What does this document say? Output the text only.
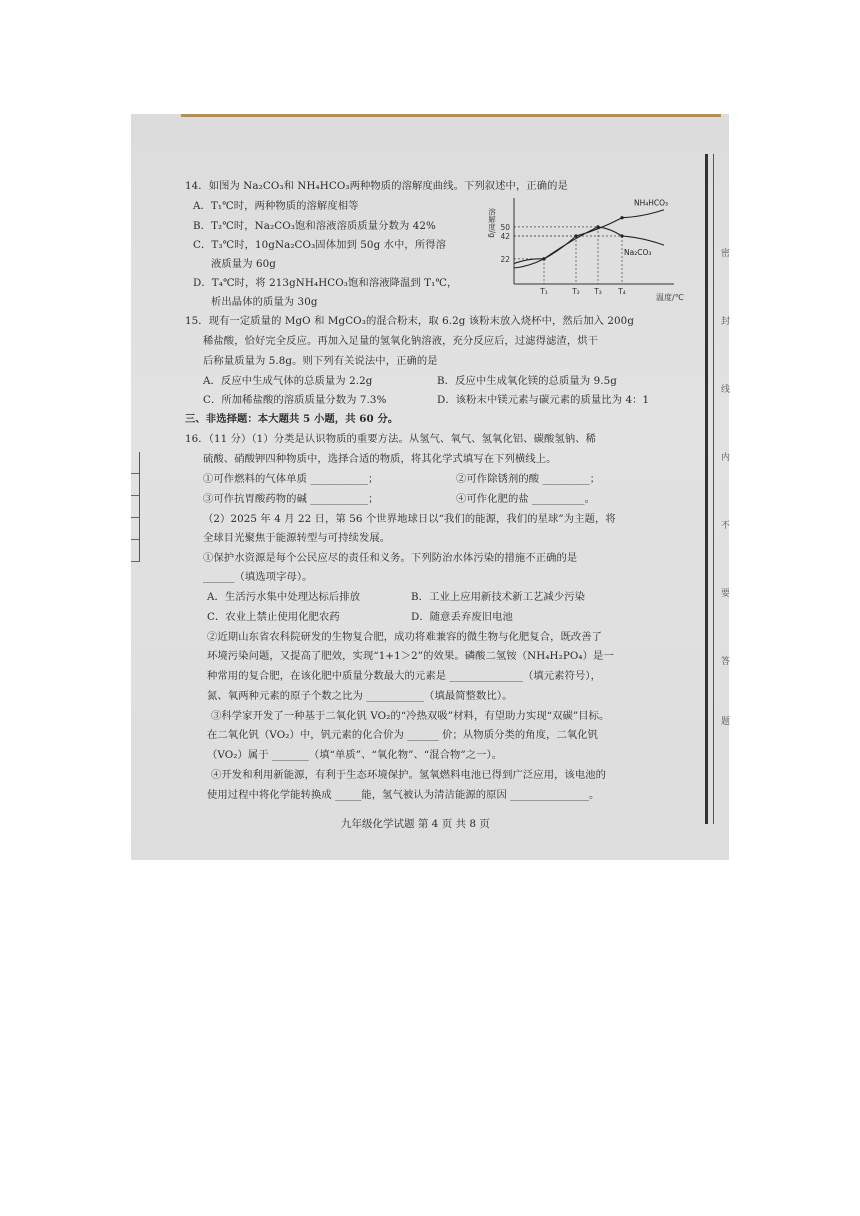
14．如图为 Na₂CO₃和 NH₄HCO₃两种物质的溶解度曲线。下列叙述中，正确的是
A．T₁℃时，两种物质的溶解度相等
B．T₂℃时，Na₂CO₃饱和溶液溶质质量分数为 42%
C．T₃℃时，10gNa₂CO₃固体加到 50g 水中，所得溶
液质量为 60g
D．T₄℃时，将 213gNH₄HCO₃饱和溶液降温到 T₁℃，
析出晶体的质量为 30g
溶解度/g
温度/℃
22
42
50
T₁	T₂ T₃ T₄
NH₄HCO₃
Na₂CO₃
15．现有一定质量的 MgO 和 MgCO₃的混合粉末，取 6.2g 该粉末放入烧杯中，然后加入 200g
稀盐酸，恰好完全反应。再加入足量的氢氧化钠溶液，充分反应后，过滤得滤渣，烘干
后称量质量为 5.8g。则下列有关说法中，正确的是
A．反应中生成气体的总质量为 2.2g	B．反应中生成氧化镁的总质量为 9.5g
C．所加稀盐酸的溶质质量分数为 7.3%	D．该粉末中镁元素与碳元素的质量比为 4：1
三、非选择题：本大题共 5 小题，共 60 分。
16．（11 分）（1）分类是认识物质的重要方法。从氢气、氧气、氢氧化铝、碳酸氢钠、稀
硫酸、硝酸钾四种物质中，选择合适的物质，将其化学式填写在下列横线上。
①可作燃料的气体单质 ___________；	②可作除锈剂的酸 _________；
③可作抗胃酸药物的碱 ___________；	④可作化肥的盐 __________。
（2）2025 年 4 月 22 日，第 56 个世界地球日以“我们的能源，我们的星球”为主题，将
全球目光聚焦于能源转型与可持续发展。
①保护水资源是每个公民应尽的责任和义务。下列防治水体污染的措施不正确的是
______（填选项字母）。
A．生活污水集中处理达标后排放	B．工业上应用新技术新工艺减少污染
C．农业上禁止使用化肥农药	D．随意丢弃废旧电池
②近期山东省农科院研发的生物复合肥，成功将难兼容的微生物与化肥复合，既改善了
环境污染问题，又提高了肥效，实现“1+1＞2”的效果。磷酸二氢铵（NH₄H₂PO₄）是一
种常用的复合肥，在该化肥中质量分数最大的元素是 ______________（填元素符号），
氮、氧两种元素的原子个数之比为 ___________（填最简整数比）。
③科学家开发了一种基于二氧化钒 VO₂的“冷热双吸”材料，有望助力实现“双碳”目标。
在二氧化钒（VO₂）中，钒元素的化合价为 ______ 价；从物质分类的角度，二氧化钒
（VO₂）属于 _______（填“单质”、“氧化物”、“混合物”之一）。
④开发和利用新能源，有利于生态环境保护。氢氧燃料电池已得到广泛应用，该电池的
使用过程中将化学能转换成 _____能，氢气被认为清洁能源的原因 _______________。
九年级化学试题 第 4 页 共 8 页
密
封
线
内
不
要
答
题
